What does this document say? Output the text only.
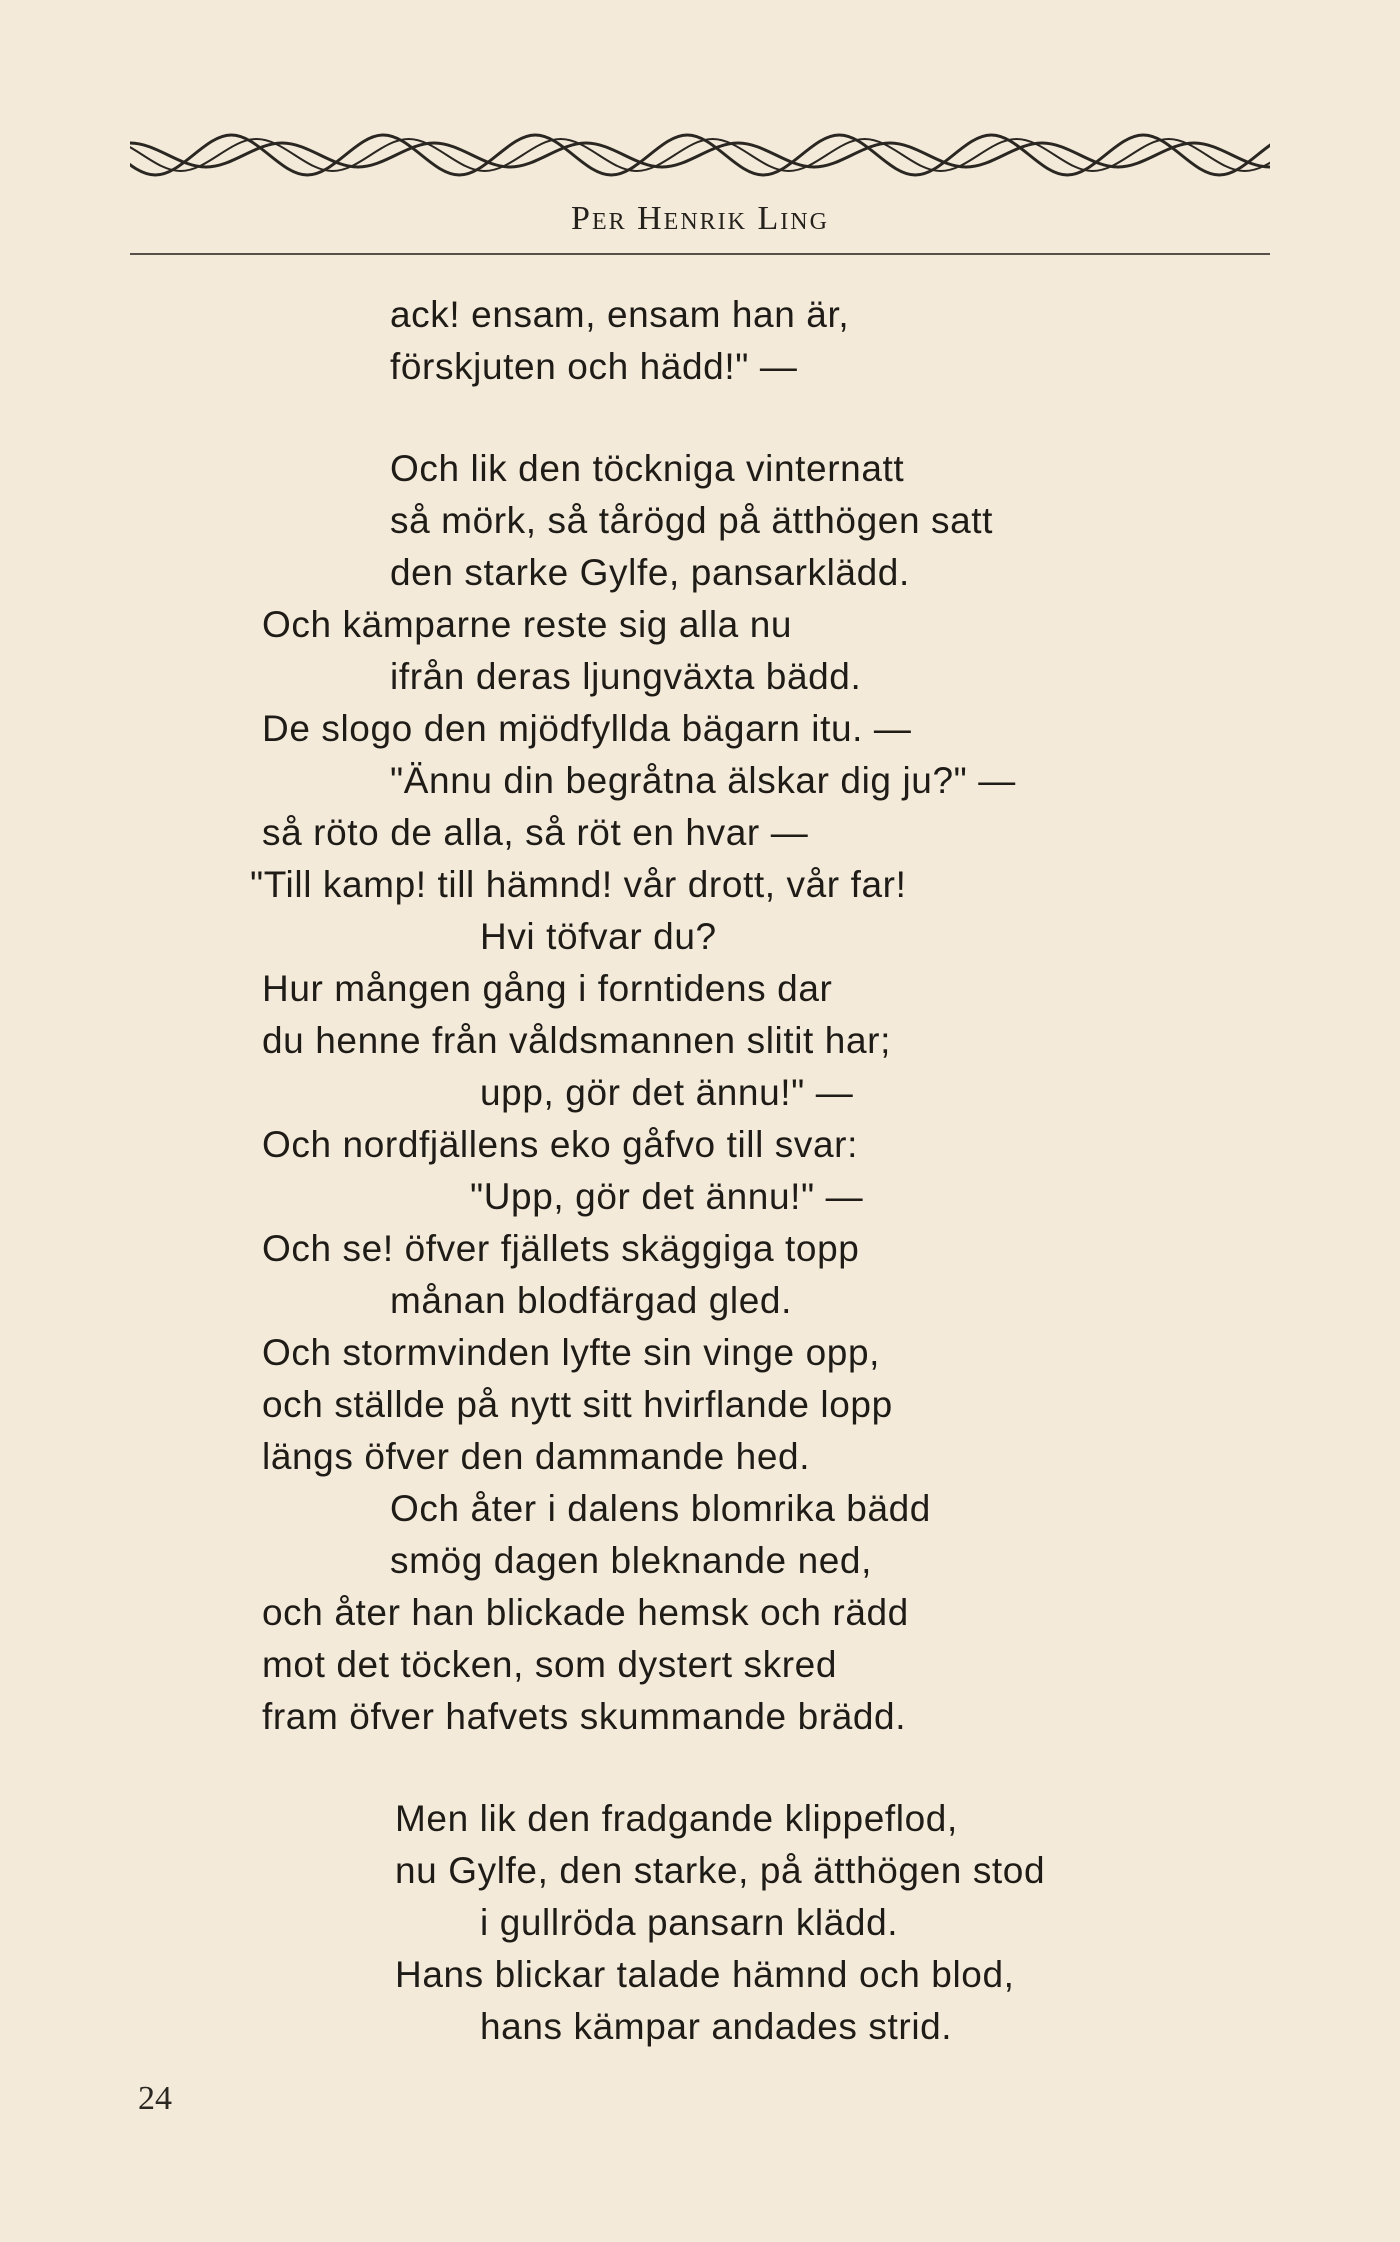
Per Henrik Ling
ack! ensam, ensam han är,
förskjuten och hädd!" —
Och lik den töckniga vinternatt
så mörk, så tårögd på ätthögen satt
den starke Gylfe, pansarklädd.
Och kämparne reste sig alla nu
ifrån deras ljungväxta bädd.
De slogo den mjödfyllda bägarn itu. —
"Ännu din begråtna älskar dig ju?" —
så röto de alla, så röt en hvar —
"Till kamp! till hämnd! vår drott, vår far!
Hvi töfvar du?
Hur mången gång i forntidens dar
du henne från våldsmannen slitit har;
upp, gör det ännu!" —
Och nordfjällens eko gåfvo till svar:
"Upp, gör det ännu!" —
Och se! öfver fjällets skäggiga topp
månan blodfärgad gled.
Och stormvinden lyfte sin vinge opp,
och ställde på nytt sitt hvirflande lopp
längs öfver den dammande hed.
Och åter i dalens blomrika bädd
smög dagen bleknande ned,
och åter han blickade hemsk och rädd
mot det töcken, som dystert skred
fram öfver hafvets skummande brädd.
Men lik den fradgande klippeflod,
nu Gylfe, den starke, på ätthögen stod
i gullröda pansarn klädd.
Hans blickar talade hämnd och blod,
hans kämpar andades strid.
24
